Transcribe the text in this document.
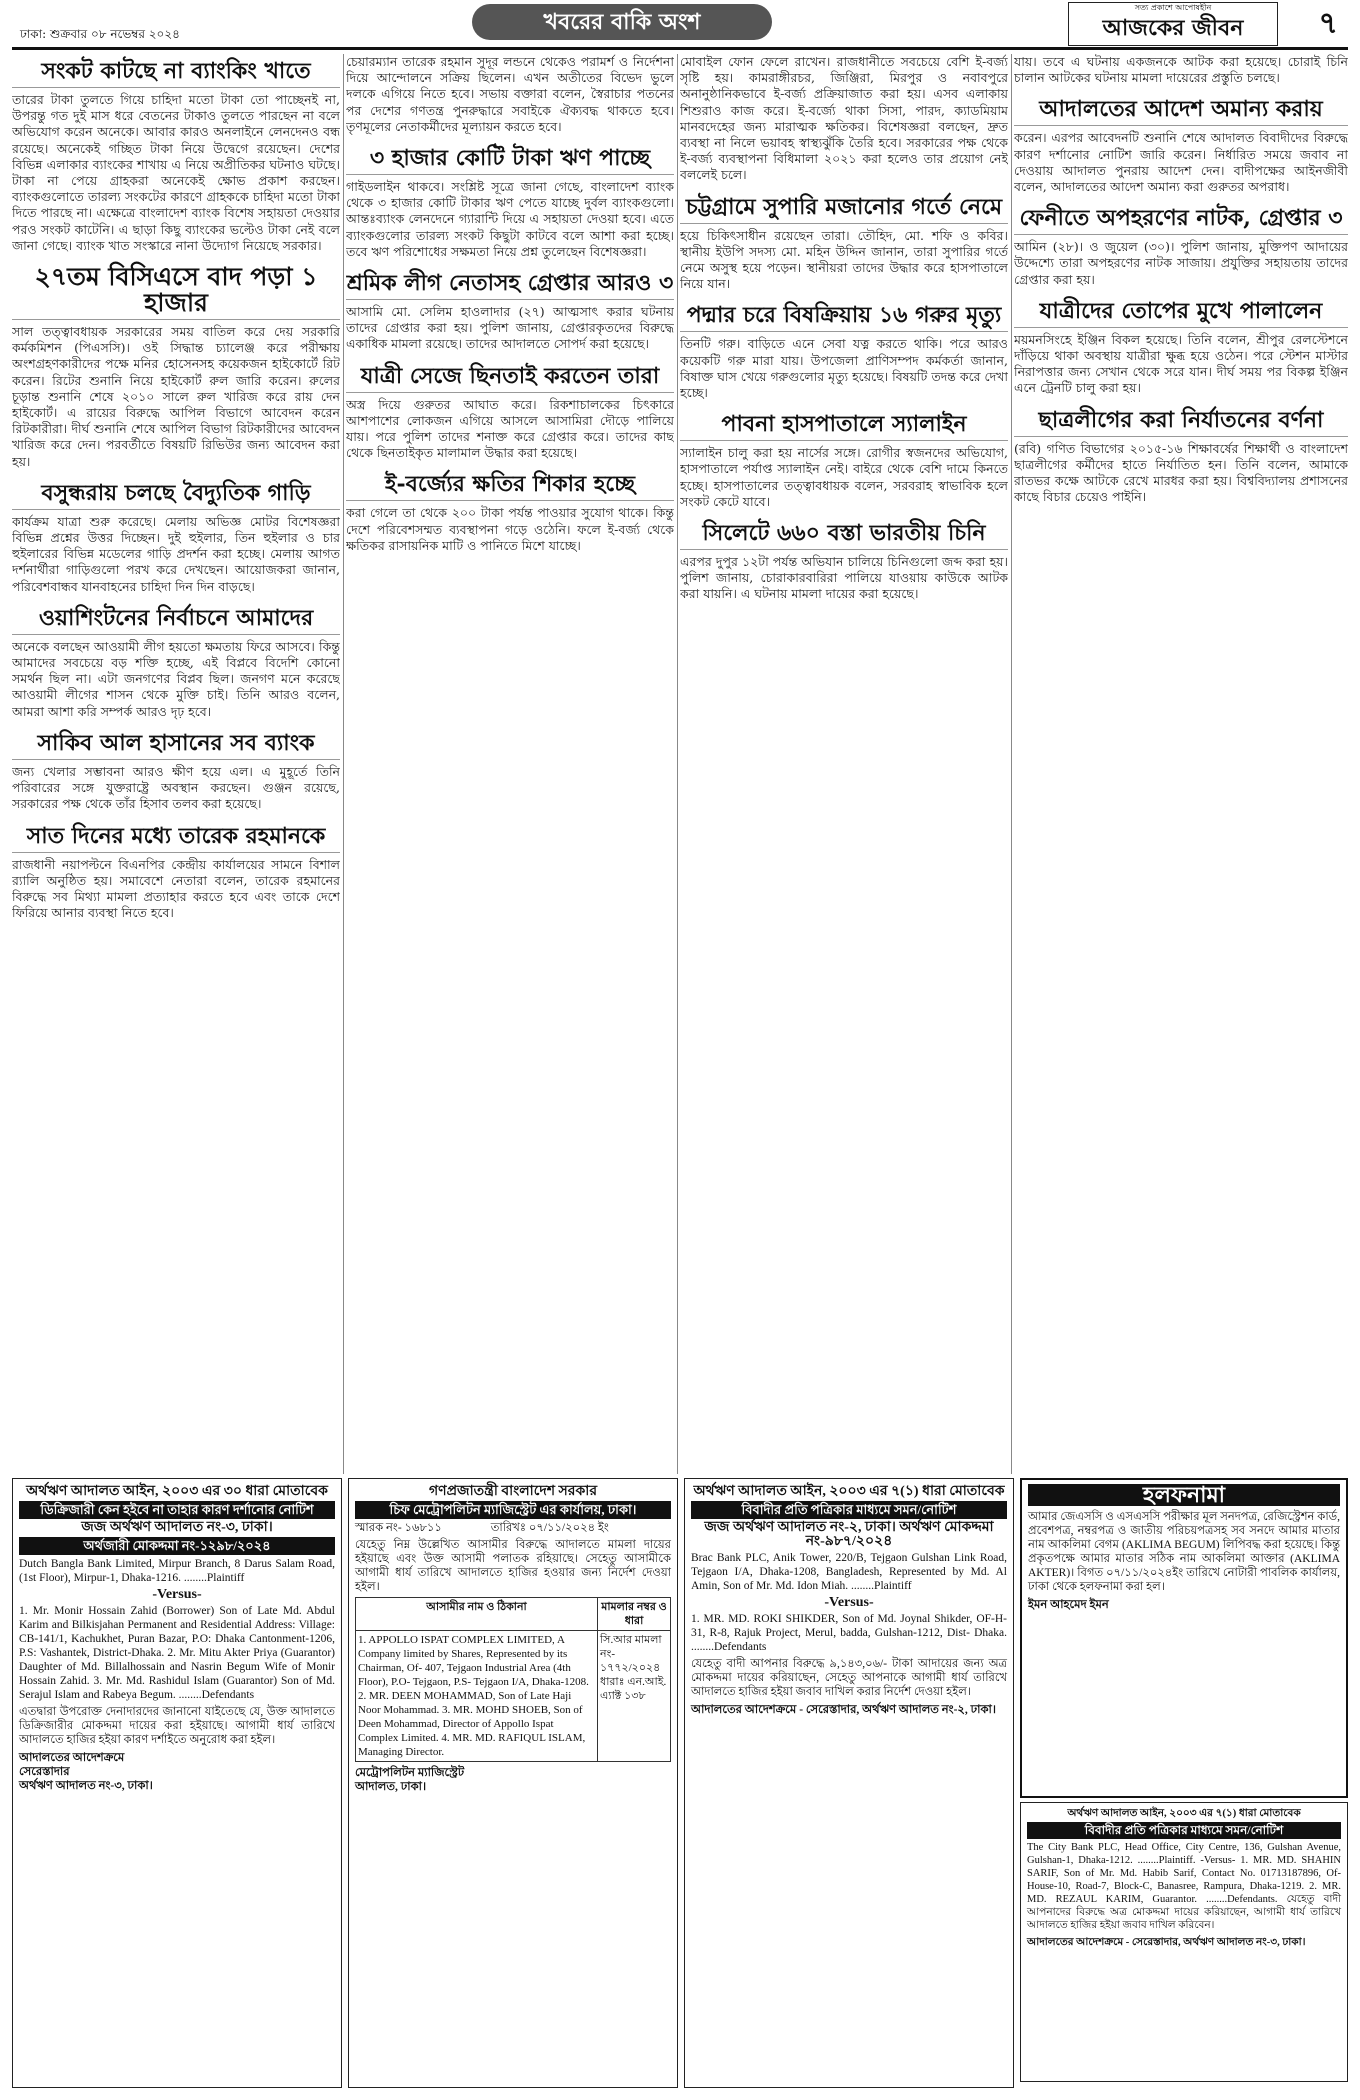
ঢাকা: শুক্রবার ০৮ নভেম্বর ২০২৪	খবরের বাকি অংশ
সত্য প্রকাশে আপোষহীন
আজকের জীবন	৭
সংকট কাটছে না ব্যাংকিং খাতে

তারের টাকা তুলতে গিয়ে চাহিদা মতো টাকা তো পাচ্ছেনই না, উপরন্তু গত দুই মাস ধরে বেতনের টাকাও তুলতে পারছেন না বলে অভিযোগ করেন অনেকে। আবার কারও অনলাইনে লেনদেনও বন্ধ রয়েছে। অনেকেই গচ্ছিত টাকা নিয়ে উদ্বেগে রয়েছেন। দেশের বিভিন্ন এলাকার ব্যাংকের শাখায় এ নিয়ে অপ্রীতিকর ঘটনাও ঘটছে। টাকা না পেয়ে গ্রাহকরা অনেকেই ক্ষোভ প্রকাশ করছেন। ব্যাংকগুলোতে তারল্য সংকটের কারণে গ্রাহককে চাহিদা মতো টাকা দিতে পারছে না। এক্ষেত্রে বাংলাদেশ ব্যাংক বিশেষ সহায়তা দেওয়ার পরও সংকট কাটেনি। এ ছাড়া কিছু ব্যাংকের ভল্টেও টাকা নেই বলে জানা গেছে। ব্যাংক খাত সংস্কারে নানা উদ্যোগ নিয়েছে সরকার।

২৭তম বিসিএসে বাদ পড়া ১ হাজার

সাল তত্ত্বাবধায়ক সরকারের সময় বাতিল করে দেয় সরকারি কর্মকমিশন (পিএসসি)। ওই সিদ্ধান্ত চ্যালেঞ্জ করে পরীক্ষায় অংশগ্রহণকারীদের পক্ষে মনির হোসেনসহ কয়েকজন হাইকোর্টে রিট করেন। রিটের শুনানি নিয়ে হাইকোর্ট রুল জারি করেন। রুলের চূড়ান্ত শুনানি শেষে ২০১০ সালে রুল খারিজ করে রায় দেন হাইকোর্ট। এ রায়ের বিরুদ্ধে আপিল বিভাগে আবেদন করেন রিটকারীরা। দীর্ঘ শুনানি শেষে আপিল বিভাগ রিটকারীদের আবেদন খারিজ করে দেন। পরবর্তীতে বিষয়টি রিভিউর জন্য আবেদন করা হয়।

বসুন্ধরায় চলছে বৈদ্যুতিক গাড়ি

কার্যক্রম যাত্রা শুরু করেছে। মেলায় অভিজ্ঞ মোটর বিশেষজ্ঞরা বিভিন্ন প্রশ্নের উত্তর দিচ্ছেন। দুই হুইলার, তিন হুইলার ও চার হুইলারের বিভিন্ন মডেলের গাড়ি প্রদর্শন করা হচ্ছে। মেলায় আগত দর্শনার্থীরা গাড়িগুলো পরখ করে দেখছেন। আয়োজকরা জানান, পরিবেশবান্ধব যানবাহনের চাহিদা দিন দিন বাড়ছে।

ওয়াশিংটনের নির্বাচনে আমাদের

অনেকে বলছেন আওয়ামী লীগ হয়তো ক্ষমতায় ফিরে আসবে। কিন্তু আমাদের সবচেয়ে বড় শক্তি হচ্ছে, এই বিপ্লবে বিদেশি কোনো সমর্থন ছিল না। এটা জনগণের বিপ্লব ছিল। জনগণ মনে করেছে আওয়ামী লীগের শাসন থেকে মুক্তি চাই। তিনি আরও বলেন, আমরা আশা করি সম্পর্ক আরও দৃঢ় হবে।

সাকিব আল হাসানের সব ব্যাংক

জন্য খেলার সম্ভাবনা আরও ক্ষীণ হয়ে এল। এ মুহূর্তে তিনি পরিবারের সঙ্গে যুক্তরাষ্ট্রে অবস্থান করছেন। গুঞ্জন রয়েছে, সরকারের পক্ষ থেকে তাঁর হিসাব তলব করা হয়েছে।

সাত দিনের মধ্যে তারেক রহমানকে

রাজধানী নয়াপল্টনে বিএনপির কেন্দ্রীয় কার্যালয়ের সামনে বিশাল র‍্যালি অনুষ্ঠিত হয়। সমাবেশে নেতারা বলেন, তারেক রহমানের বিরুদ্ধে সব মিথ্যা মামলা প্রত্যাহার করতে হবে এবং তাকে দেশে ফিরিয়ে আনার ব্যবস্থা নিতে হবে।

চেয়ারম্যান তারেক রহমান সুদূর লন্ডনে থেকেও পরামর্শ ও নির্দেশনা দিয়ে আন্দোলনে সক্রিয় ছিলেন। এখন অতীতের বিভেদ ভুলে দলকে এগিয়ে নিতে হবে। সভায় বক্তারা বলেন, স্বৈরাচার পতনের পর দেশের গণতন্ত্র পুনরুদ্ধারে সবাইকে ঐক্যবদ্ধ থাকতে হবে। তৃণমূলের নেতাকর্মীদের মূল্যায়ন করতে হবে।

৩ হাজার কোটি টাকা ঋণ পাচ্ছে

গাইডলাইন থাকবে। সংশ্লিষ্ট সূত্রে জানা গেছে, বাংলাদেশ ব্যাংক থেকে ৩ হাজার কোটি টাকার ঋণ পেতে যাচ্ছে দুর্বল ব্যাংকগুলো। আন্তঃব্যাংক লেনদেনে গ্যারান্টি দিয়ে এ সহায়তা দেওয়া হবে। এতে ব্যাংকগুলোর তারল্য সংকট কিছুটা কাটবে বলে আশা করা হচ্ছে। তবে ঋণ পরিশোধের সক্ষমতা নিয়ে প্রশ্ন তুলেছেন বিশেষজ্ঞরা।

শ্রমিক লীগ নেতাসহ গ্রেপ্তার আরও ৩

আসামি মো. সেলিম হাওলাদার (২৭) আত্মসাৎ করার ঘটনায় তাদের গ্রেপ্তার করা হয়। পুলিশ জানায়, গ্রেপ্তারকৃতদের বিরুদ্ধে একাধিক মামলা রয়েছে। তাদের আদালতে সোপর্দ করা হয়েছে।

যাত্রী সেজে ছিনতাই করতেন তারা

অস্ত্র দিয়ে গুরুতর আঘাত করে। রিকশাচালকের চিৎকারে আশপাশের লোকজন এগিয়ে আসলে আসামিরা দৌড়ে পালিয়ে যায়। পরে পুলিশ তাদের শনাক্ত করে গ্রেপ্তার করে। তাদের কাছ থেকে ছিনতাইকৃত মালামাল উদ্ধার করা হয়েছে।

ই-বর্জ্যের ক্ষতির শিকার হচ্ছে

করা গেলে তা থেকে ২০০ টাকা পর্যন্ত পাওয়ার সুযোগ থাকে। কিন্তু দেশে পরিবেশসম্মত ব্যবস্থাপনা গড়ে ওঠেনি। ফলে ই-বর্জ্য থেকে ক্ষতিকর রাসায়নিক মাটি ও পানিতে মিশে যাচ্ছে।

মোবাইল ফোন ফেলে রাখেন। রাজধানীতে সবচেয়ে বেশি ই-বর্জ্য সৃষ্টি হয়। কামরাঙ্গীরচর, জিঞ্জিরা, মিরপুর ও নবাবপুরে অনানুষ্ঠানিকভাবে ই-বর্জ্য প্রক্রিয়াজাত করা হয়। এসব এলাকায় শিশুরাও কাজ করে। ই-বর্জ্যে থাকা সিসা, পারদ, ক্যাডমিয়াম মানবদেহের জন্য মারাত্মক ক্ষতিকর। বিশেষজ্ঞরা বলছেন, দ্রুত ব্যবস্থা না নিলে ভয়াবহ স্বাস্থ্যঝুঁকি তৈরি হবে। সরকারের পক্ষ থেকে ই-বর্জ্য ব্যবস্থাপনা বিধিমালা ২০২১ করা হলেও তার প্রয়োগ নেই বললেই চলে।

চট্টগ্রামে সুপারি মজানোর গর্তে নেমে

হয়ে চিকিৎসাধীন রয়েছেন তারা। তৌহিদ, মো. শফি ও কবির। স্থানীয় ইউপি সদস্য মো. মহিন উদ্দিন জানান, তারা সুপারির গর্তে নেমে অসুস্থ হয়ে পড়েন। স্থানীয়রা তাদের উদ্ধার করে হাসপাতালে নিয়ে যান।

পদ্মার চরে বিষক্রিয়ায় ১৬ গরুর মৃত্যু

তিনটি গরু। বাড়িতে এনে সেবা যত্ন করতে থাকি। পরে আরও কয়েকটি গরু মারা যায়। উপজেলা প্রাণিসম্পদ কর্মকর্তা জানান, বিষাক্ত ঘাস খেয়ে গরুগুলোর মৃত্যু হয়েছে। বিষয়টি তদন্ত করে দেখা হচ্ছে।

পাবনা হাসপাতালে স্যালাইন

স্যালাইন চালু করা হয় নার্সের সঙ্গে। রোগীর স্বজনদের অভিযোগ, হাসপাতালে পর্যাপ্ত স্যালাইন নেই। বাইরে থেকে বেশি দামে কিনতে হচ্ছে। হাসপাতালের তত্ত্বাবধায়ক বলেন, সরবরাহ স্বাভাবিক হলে সংকট কেটে যাবে।

সিলেটে ৬৬০ বস্তা ভারতীয় চিনি

এরপর দুপুর ১২টা পর্যন্ত অভিযান চালিয়ে চিনিগুলো জব্দ করা হয়। পুলিশ জানায়, চোরাকারবারিরা পালিয়ে যাওয়ায় কাউকে আটক করা যায়নি। এ ঘটনায় মামলা দায়ের করা হয়েছে।

যায়। তবে এ ঘটনায় একজনকে আটক করা হয়েছে। চোরাই চিনি চালান আটকের ঘটনায় মামলা দায়েরের প্রস্তুতি চলছে।

আদালতের আদেশ অমান্য করায়

করেন। এরপর আবেদনটি শুনানি শেষে আদালত বিবাদীদের বিরুদ্ধে কারণ দর্শানোর নোটিশ জারি করেন। নির্ধারিত সময়ে জবাব না দেওয়ায় আদালত পুনরায় আদেশ দেন। বাদীপক্ষের আইনজীবী বলেন, আদালতের আদেশ অমান্য করা গুরুতর অপরাধ।

ফেনীতে অপহরণের নাটক, গ্রেপ্তার ৩

আমিন (২৮)। ও জুয়েল (৩০)। পুলিশ জানায়, মুক্তিপণ আদায়ের উদ্দেশ্যে তারা অপহরণের নাটক সাজায়। প্রযুক্তির সহায়তায় তাদের গ্রেপ্তার করা হয়।

যাত্রীদের তোপের মুখে পালালেন

ময়মনসিংহে ইঞ্জিন বিকল হয়েছে। তিনি বলেন, শ্রীপুর রেলস্টেশনে দাঁড়িয়ে থাকা অবস্থায় যাত্রীরা ক্ষুব্ধ হয়ে ওঠেন। পরে স্টেশন মাস্টার নিরাপত্তার জন্য সেখান থেকে সরে যান। দীর্ঘ সময় পর বিকল্প ইঞ্জিন এনে ট্রেনটি চালু করা হয়।

ছাত্রলীগের করা নির্যাতনের বর্ণনা

(রবি) গণিত বিভাগের ২০১৫-১৬ শিক্ষাবর্ষের শিক্ষার্থী ও বাংলাদেশ ছাত্রলীগের কর্মীদের হাতে নির্যাতিত হন। তিনি বলেন, আমাকে রাতভর কক্ষে আটকে রেখে মারধর করা হয়। বিশ্ববিদ্যালয় প্রশাসনের কাছে বিচার চেয়েও পাইনি।

অর্থঋণ আদালত আইন, ২০০৩ এর ৩০ ধারা মোতাবেক
ডিক্রিজারী কেন হইবে না তাহার কারণ দর্শানোর নোটিশ
জজ অর্থঋণ আদালত নং-৩, ঢাকা।
অর্থজারী মোকদ্দমা নং-১২৯৮/২০২৪

Dutch Bangla Bank Limited, Mirpur Branch, 8 Darus Salam Road, (1st Floor), Mirpur-1, Dhaka-1216. ........Plaintiff

-Versus-

1. Mr. Monir Hossain Zahid (Borrower) Son of Late Md. Abdul Karim and Bilkisjahan Permanent and Residential Address: Village: CB-141/1, Kachukhet, Puran Bazar, P.O: Dhaka Cantonment-1206, P.S: Vashantek, District-Dhaka. 2. Mr. Mitu Akter Priya (Guarantor) Daughter of Md. Billalhossain and Nasrin Begum Wife of Monir Hossain Zahid. 3. Mr. Md. Rashidul Islam (Guarantor) Son of Md. Serajul Islam and Rabeya Begum. ........Defendants

এতদ্বারা উপরোক্ত দেনাদারদের জানানো যাইতেছে যে, উক্ত আদালতে ডিক্রিজারীর মোকদ্দমা দায়ের করা হইয়াছে। আগামী ধার্য তারিখে আদালতে হাজির হইয়া কারণ দর্শাইতে অনুরোধ করা হইল।

আদালতের আদেশক্রমে
সেরেস্তাদার
অর্থঋণ আদালত নং-৩, ঢাকা।

গণপ্রজাতন্ত্রী বাংলাদেশ সরকার
চিফ মেট্রোপলিটন ম্যাজিস্ট্রেট এর কার্যালয়, ঢাকা।

স্মারক নং- ১৬৮১১                 তারিখঃ ০৭/১১/২০২৪ ইং

যেহেতু নিম্ন উল্লেখিত আসামীর বিরুদ্ধে আদালতে মামলা দায়ের হইয়াছে এবং উক্ত আসামী পলাতক রহিয়াছে। সেহেতু আসামীকে আগামী ধার্য তারিখে আদালতে হাজির হওয়ার জন্য নির্দেশ দেওয়া হইল।

আসামীর নাম ও ঠিকানা	মামলার নম্বর ও ধারা
1. APPOLLO ISPAT COMPLEX LIMITED, A Company limited by Shares, Represented by its Chairman, Of- 407, Tejgaon Industrial Area (4th Floor), P.O- Tejgaon, P.S- Tejgaon I/A, Dhaka-1208. 2. MR. DEEN MOHAMMAD, Son of Late Haji Noor Mohammad. 3. MR. MOHD SHOEB, Son of Deen Mohammad, Director of Appollo Ispat Complex Limited. 4. MR. MD. RAFIQUL ISLAM, Managing Director.	সি.আর মামলা নং- ১৭৭২/২০২৪
ধারাঃ এন.আই. এ্যাক্ট ১৩৮

মেট্রোপলিটন ম্যাজিস্ট্রেট
আদালত, ঢাকা।

অর্থঋণ আদালত আইন, ২০০৩ এর ৭(১) ধারা মোতাবেক
বিবাদীর প্রতি পত্রিকার মাধ্যমে সমন/নোটিশ
জজ অর্থঋণ আদালত নং-২, ঢাকা। অর্থঋণ মোকদ্দমা নং-৯৮৭/২০২৪

Brac Bank PLC, Anik Tower, 220/B, Tejgaon Gulshan Link Road, Tejgaon I/A, Dhaka-1208, Bangladesh, Represented by Md. Al Amin, Son of Mr. Md. Idon Miah. ........Plaintiff

-Versus-

1. MR. MD. ROKI SHIKDER, Son of Md. Joynal Shikder, OF-H-31, R-8, Rajuk Project, Merul, badda, Gulshan-1212, Dist- Dhaka. ........Defendants

যেহেতু বাদী আপনার বিরুদ্ধে ৯,১৪৩,০৬/- টাকা আদায়ের জন্য অত্র মোকদ্দমা দায়ের করিয়াছেন, সেহেতু আপনাকে আগামী ধার্য তারিখে আদালতে হাজির হইয়া জবাব দাখিল করার নির্দেশ দেওয়া হইল।

আদালতের আদেশক্রমে - সেরেস্তাদার, অর্থঋণ আদালত নং-২, ঢাকা।

হলফনামা

আমার জেএসসি ও এসএসসি পরীক্ষার মূল সনদপত্র, রেজিস্ট্রেশন কার্ড, প্রবেশপত্র, নম্বরপত্র ও জাতীয় পরিচয়পত্রসহ সব সনদে আমার মাতার নাম আকলিমা বেগম (AKLIMA BEGUM) লিপিবদ্ধ করা হয়েছে। কিন্তু প্রকৃতপক্ষে আমার মাতার সঠিক নাম আকলিমা আক্তার (AKLIMA AKTER)। বিগত ০৭/১১/২০২৪ইং তারিখে নোটারী পাবলিক কার্যালয়, ঢাকা থেকে হলফনামা করা হল।

ইমন আহমেদ ইমন

অর্থঋণ আদালত আইন, ২০০৩ এর ৭(১) ধারা মোতাবেক
বিবাদীর প্রতি পত্রিকার মাধ্যমে সমন/নোটিশ

The City Bank PLC, Head Office, City Centre, 136, Gulshan Avenue, Gulshan-1, Dhaka-1212. ........Plaintiff. -Versus- 1. MR. MD. SHAHIN SARIF, Son of Mr. Md. Habib Sarif, Contact No. 01713187896, Of- House-10, Road-7, Block-C, Banasree, Rampura, Dhaka-1219. 2. MR. MD. REZAUL KARIM, Guarantor. ........Defendants. যেহেতু বাদী আপনাদের বিরুদ্ধে অত্র মোকদ্দমা দায়ের করিয়াছেন, আগামী ধার্য তারিখে আদালতে হাজির হইয়া জবাব দাখিল করিবেন।

আদালতের আদেশক্রমে - সেরেস্তাদার, অর্থঋণ আদালত নং-৩, ঢাকা।
